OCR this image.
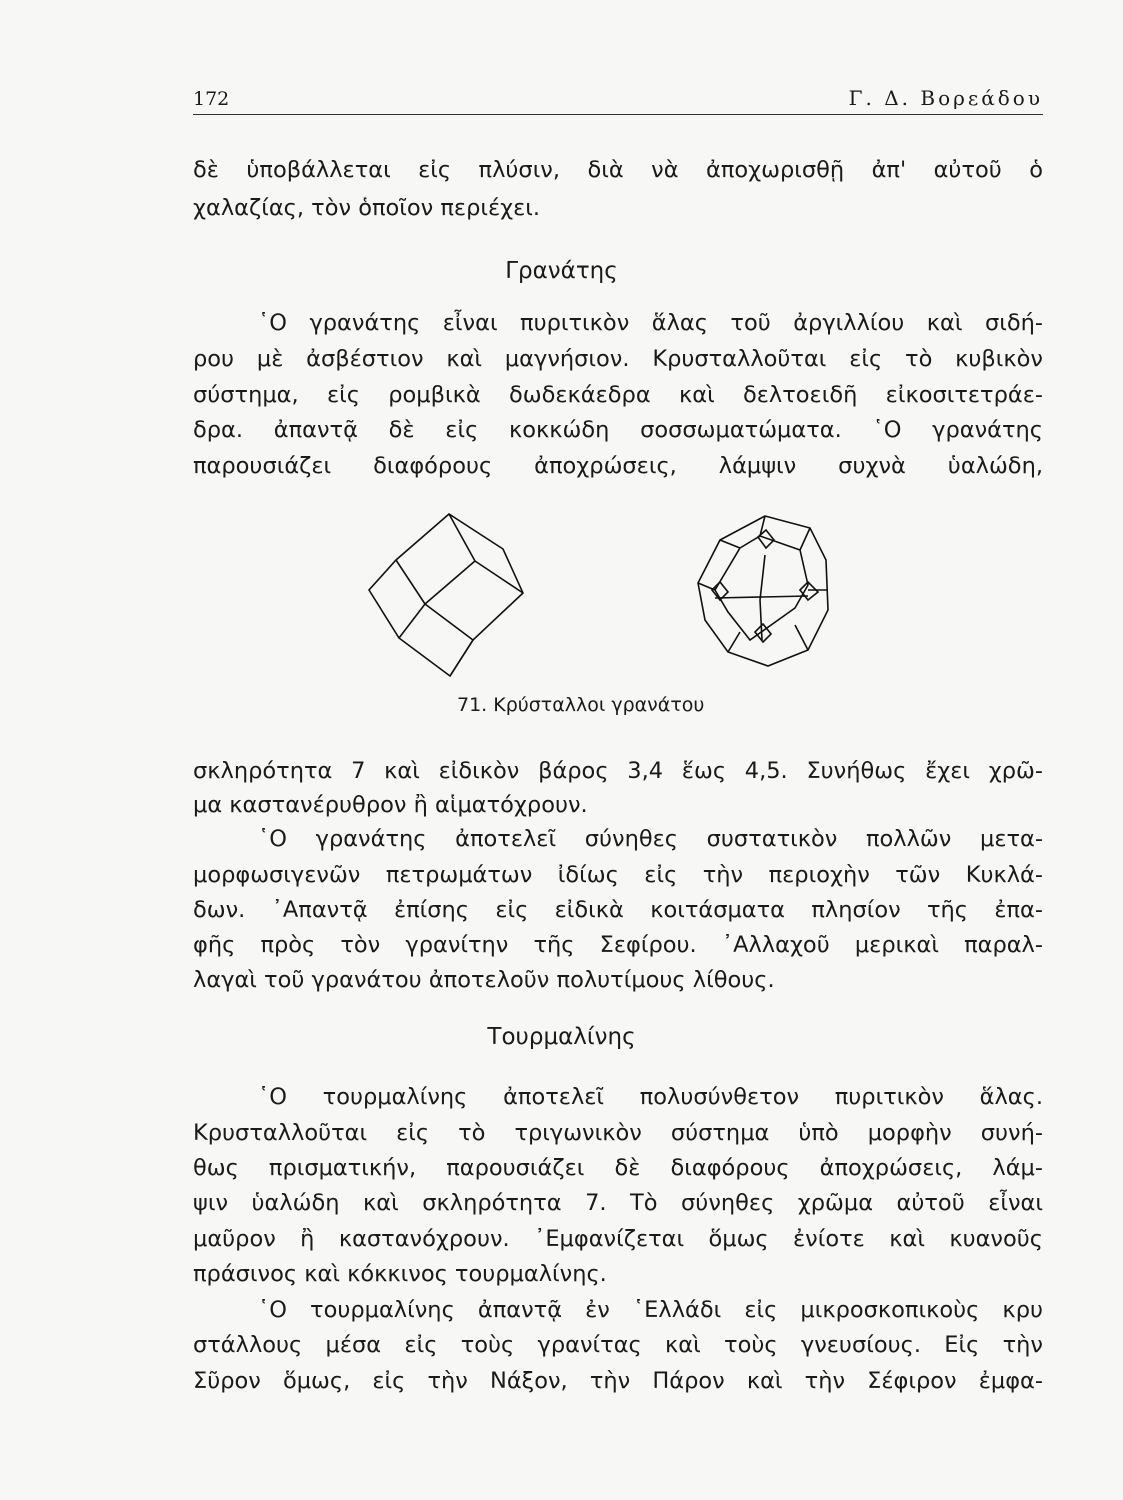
172	Γ. Δ. Βορεάδου
Γρανάτης
Τουρμαλίνης
71. Κρύσταλλοι γρανάτου
δὲ ὑποβάλλεται εἰς πλύσιν, διὰ νὰ ἀποχωρισθῇ ἀπ' αὐτοῦ ὁ
χαλαζίας, τὸν ὁποῖον περιέχει.
῾Ο γρανάτης εἶναι πυριτικὸν ἅλας τοῦ ἀργιλλίου καὶ σιδή-
ρου μὲ ἀσβέστιον καὶ μαγνήσιον. Κρυσταλλοῦται εἰς τὸ κυβικὸν
σύστημα, εἰς ρομβικὰ δωδεκάεδρα καὶ δελτοειδῆ εἰκοσιτετράε-
δρα. ἀπαντᾷ δὲ εἰς κοκκώδη σοσσωματώματα. ῾Ο γρανάτης
παρουσιάζει διαφόρους ἀποχρώσεις, λάμψιν συχνὰ ὑαλώδη,
σκληρότητα 7 καὶ εἰδικὸν βάρος 3,4 ἕως 4,5. Συνήθως ἔχει χρῶ-
μα καστανέρυθρον ἢ αἱματόχρουν.
῾Ο γρανάτης ἀποτελεῖ σύνηθες συστατικὸν πολλῶν μετα-
μορφωσιγενῶν πετρωμάτων ἰδίως εἰς τὴν περιοχὴν τῶν Κυκλά-
δων. ᾿Απαντᾷ ἐπίσης εἰς εἰδικὰ κοιτάσματα πλησίον τῆς ἐπα-
φῆς πρὸς τὸν γρανίτην τῆς Σεφίρου. ᾿Αλλαχοῦ μερικαὶ παραλ-
λαγαὶ τοῦ γρανάτου ἀποτελοῦν πολυτίμους λίθους.
῾Ο τουρμαλίνης ἀποτελεῖ πολυσύνθετον πυριτικὸν ἅλας.
Κρυσταλλοῦται εἰς τὸ τριγωνικὸν σύστημα ὑπὸ μορφὴν συνή-
θως πρισματικήν, παρουσιάζει δὲ διαφόρους ἀποχρώσεις, λάμ-
ψιν ὑαλώδη καὶ σκληρότητα 7. Τὸ σύνηθες χρῶμα αὐτοῦ εἶναι
μαῦρον ἢ καστανόχρουν. ᾿Εμφανίζεται ὅμως ἐνίοτε καὶ κυανοῦς
πράσινος καὶ κόκκινος τουρμαλίνης.
῾Ο τουρμαλίνης ἀπαντᾷ ἐν ῾Ελλάδι εἰς μικροσκοπικοὺς κρυ
στάλλους μέσα εἰς τοὺς γρανίτας καὶ τοὺς γνευσίους. Εἰς τὴν
Σῦρον ὅμως, εἰς τὴν Νάξον, τὴν Πάρον καὶ τὴν Σέφιρον ἐμφα-
